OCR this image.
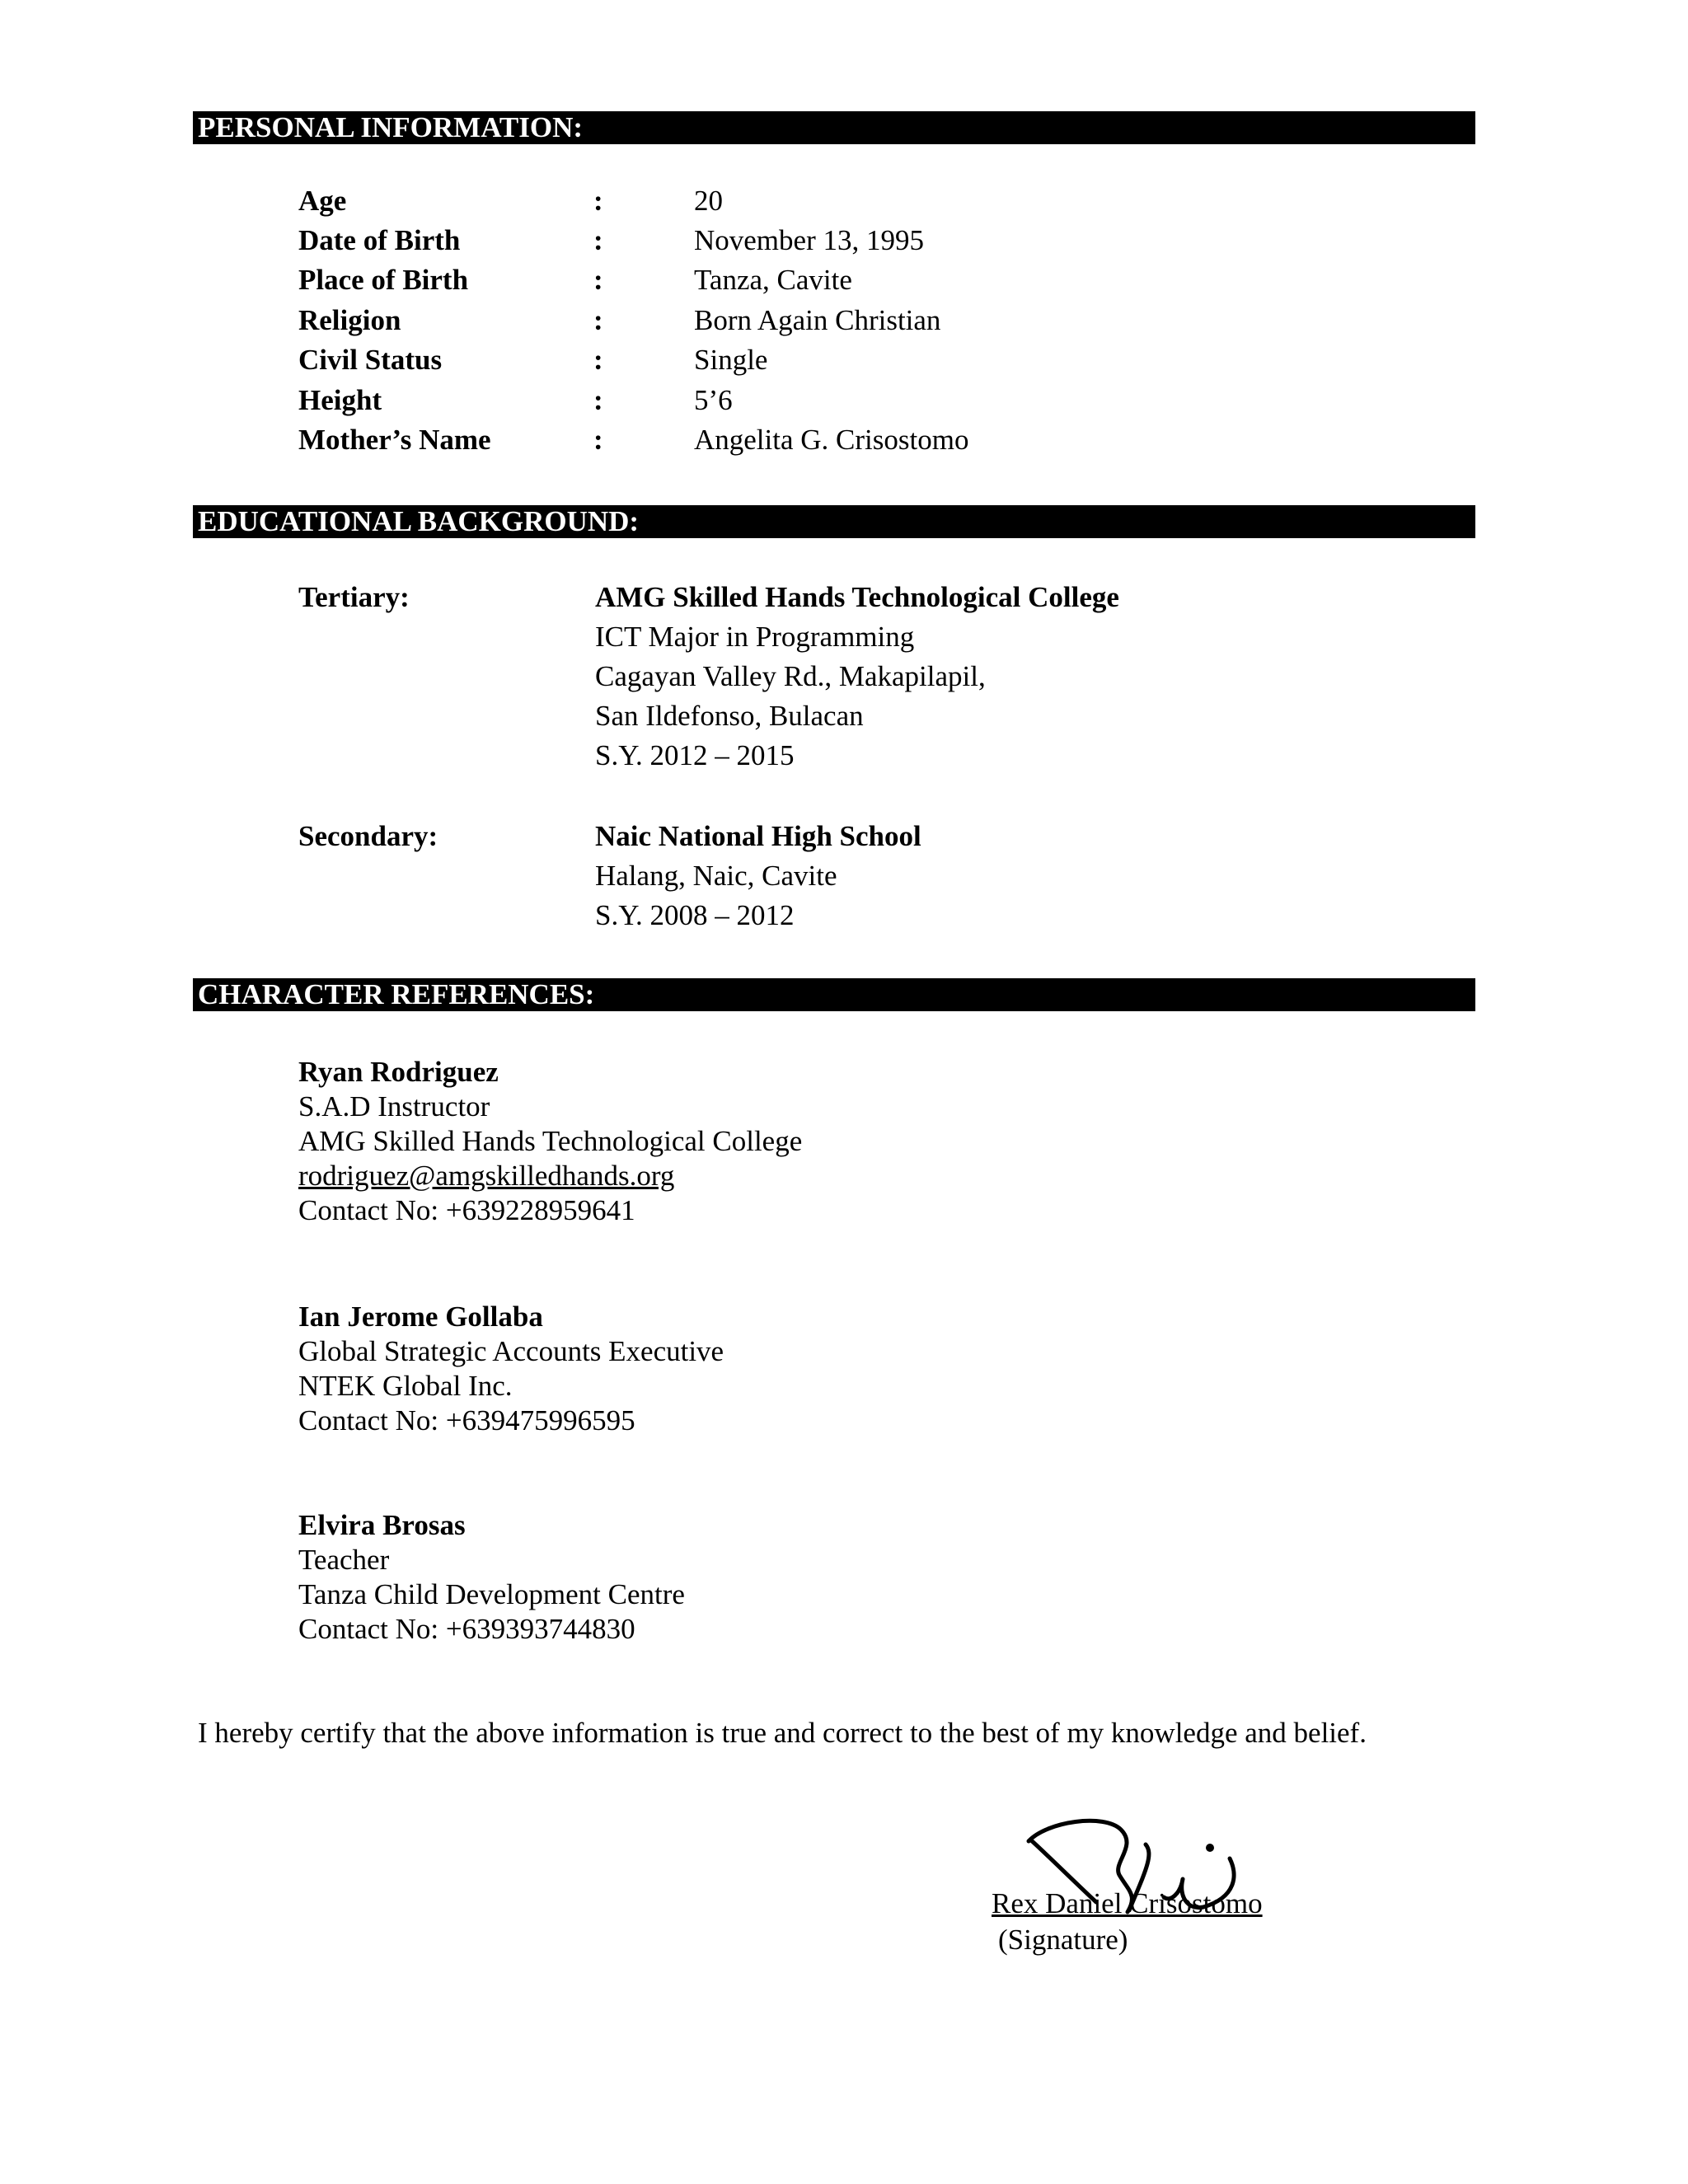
PERSONAL INFORMATION:
Age	:	20
Date of Birth	:	November 13, 1995
Place of Birth	:	Tanza, Cavite
Religion	:	Born Again Christian
Civil Status	:	Single
Height	:	5’6
Mother’s Name	:	Angelita G. Crisostomo
EDUCATIONAL BACKGROUND:
Tertiary:	AMG Skilled Hands Technological College
ICT Major in Programming
Cagayan Valley Rd., Makapilapil,
San Ildefonso, Bulacan
S.Y. 2012 – 2015
Secondary:	Naic National High School
Halang, Naic, Cavite
S.Y. 2008 – 2012
CHARACTER REFERENCES:
Ryan Rodriguez
S.A.D Instructor
AMG Skilled Hands Technological College
rodriguez@amgskilledhands.org
Contact No: +639228959641
Ian Jerome Gollaba
Global Strategic Accounts Executive
NTEK Global Inc.
Contact No: +639475996595
Elvira Brosas
Teacher
Tanza Child Development Centre
Contact No: +639393744830
I hereby certify that the above information is true and correct to the best of my knowledge and belief.
Rex Daniel Crisostomo
(Signature)
